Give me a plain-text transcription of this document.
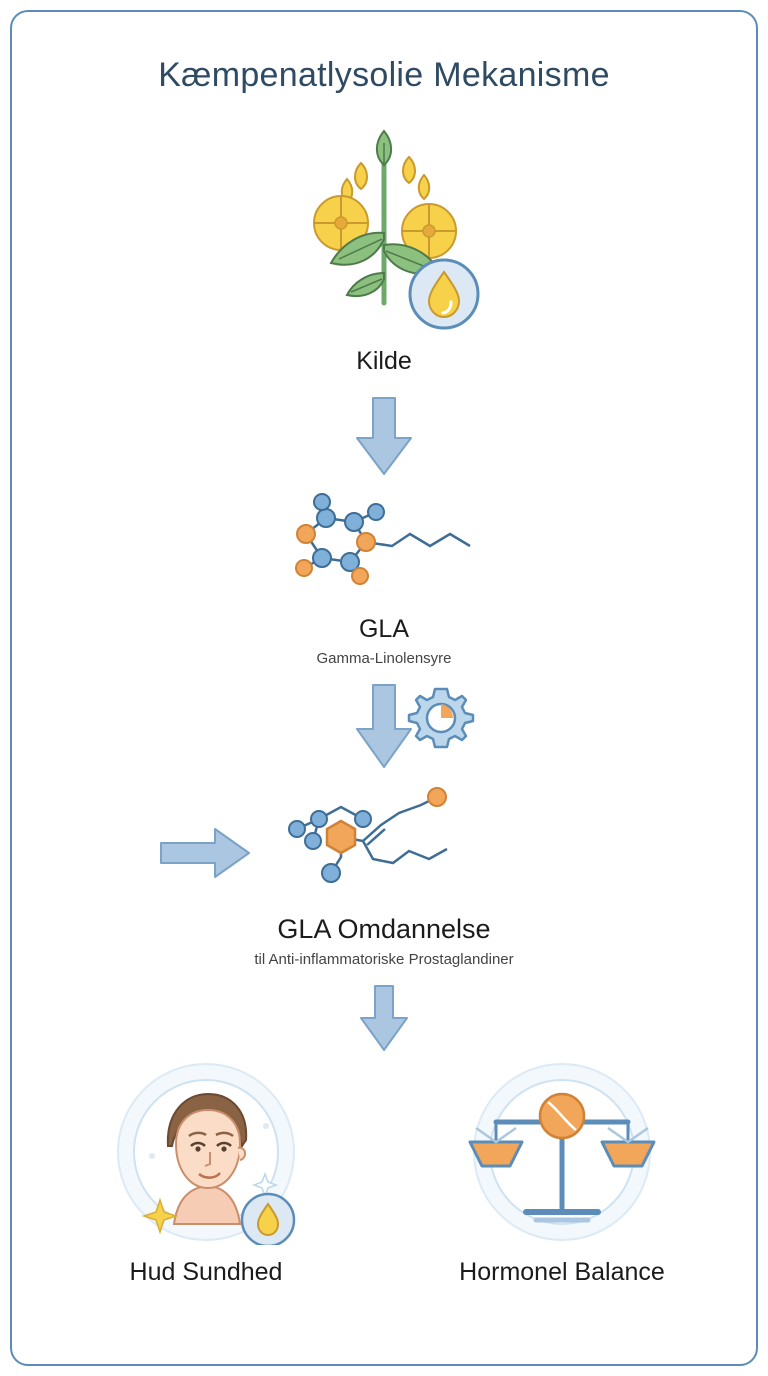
Kæmpenatlysolie Mekanisme
Kilde
GLA
Gamma-Linolensyre
GLA Omdannelse
til Anti-inflammatoriske Prostaglandiner
Hud Sundhed	Hormonel Balance
